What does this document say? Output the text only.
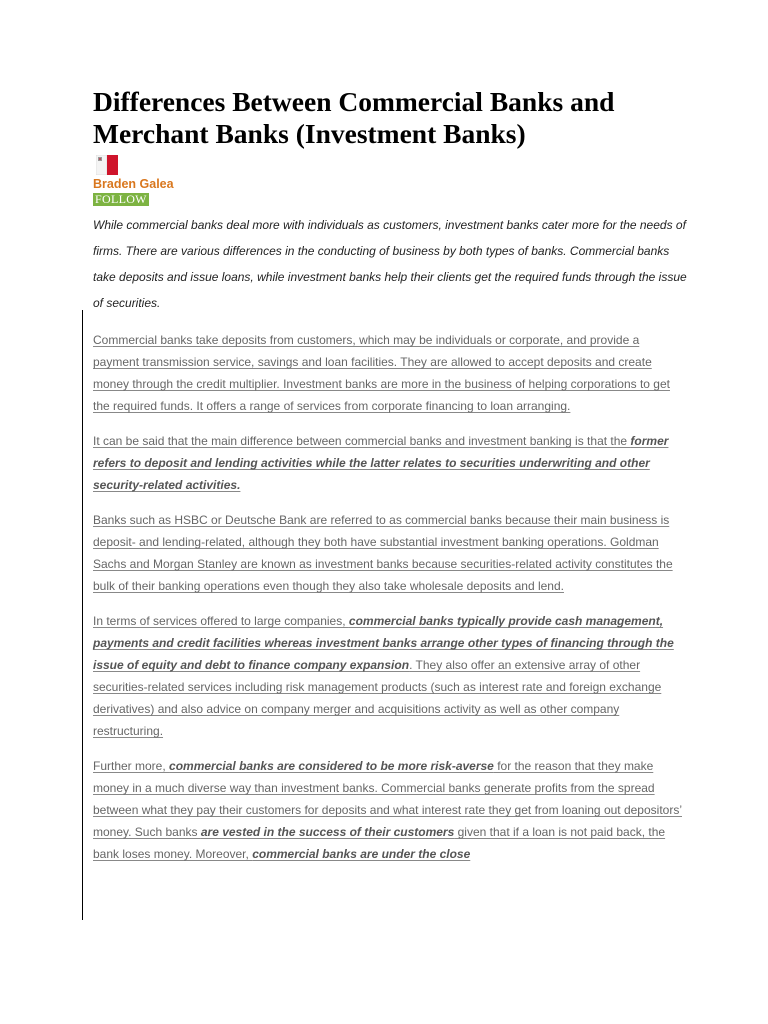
Differences Between Commercial Banks and Merchant Banks (Investment Banks)
Braden Galea
FOLLOW

While commercial banks deal more with individuals as customers, investment banks cater more for the needs of firms. There are various differences in the conducting of business by both types of banks. Commercial banks take deposits and issue loans, while investment banks help their clients get the required funds through the issue of securities.

Commercial banks take deposits from customers, which may be individuals or corporate, and provide a payment transmission service, savings and loan facilities. They are allowed to accept deposits and create money through the credit multiplier. Investment banks are more in the business of helping corporations to get the required funds. It offers a range of services from corporate financing to loan arranging.

It can be said that the main difference between commercial banks and investment banking is that the former refers to deposit and lending activities while the latter relates to securities underwriting and other security-related activities.

Banks such as HSBC or Deutsche Bank are referred to as commercial banks because their main business is deposit- and lending-related, although they both have substantial investment banking operations. Goldman Sachs and Morgan Stanley are known as investment banks because securities-related activity constitutes the bulk of their banking operations even though they also take wholesale deposits and lend.

In terms of services offered to large companies, commercial banks typically provide cash management, payments and credit facilities whereas investment banks arrange other types of financing through the issue of equity and debt to finance company expansion. They also offer an extensive array of other securities-related services including risk management products (such as interest rate and foreign exchange derivatives) and also advice on company merger and acquisitions activity as well as other company restructuring.

Further more, commercial banks are considered to be more risk-averse for the reason that they make money in a much diverse way than investment banks. Commercial banks generate profits from the spread between what they pay their customers for deposits and what interest rate they get from loaning out depositors’ money. Such banks are vested in the success of their customers given that if a loan is not paid back, the bank loses money. Moreover, commercial banks are under the close
